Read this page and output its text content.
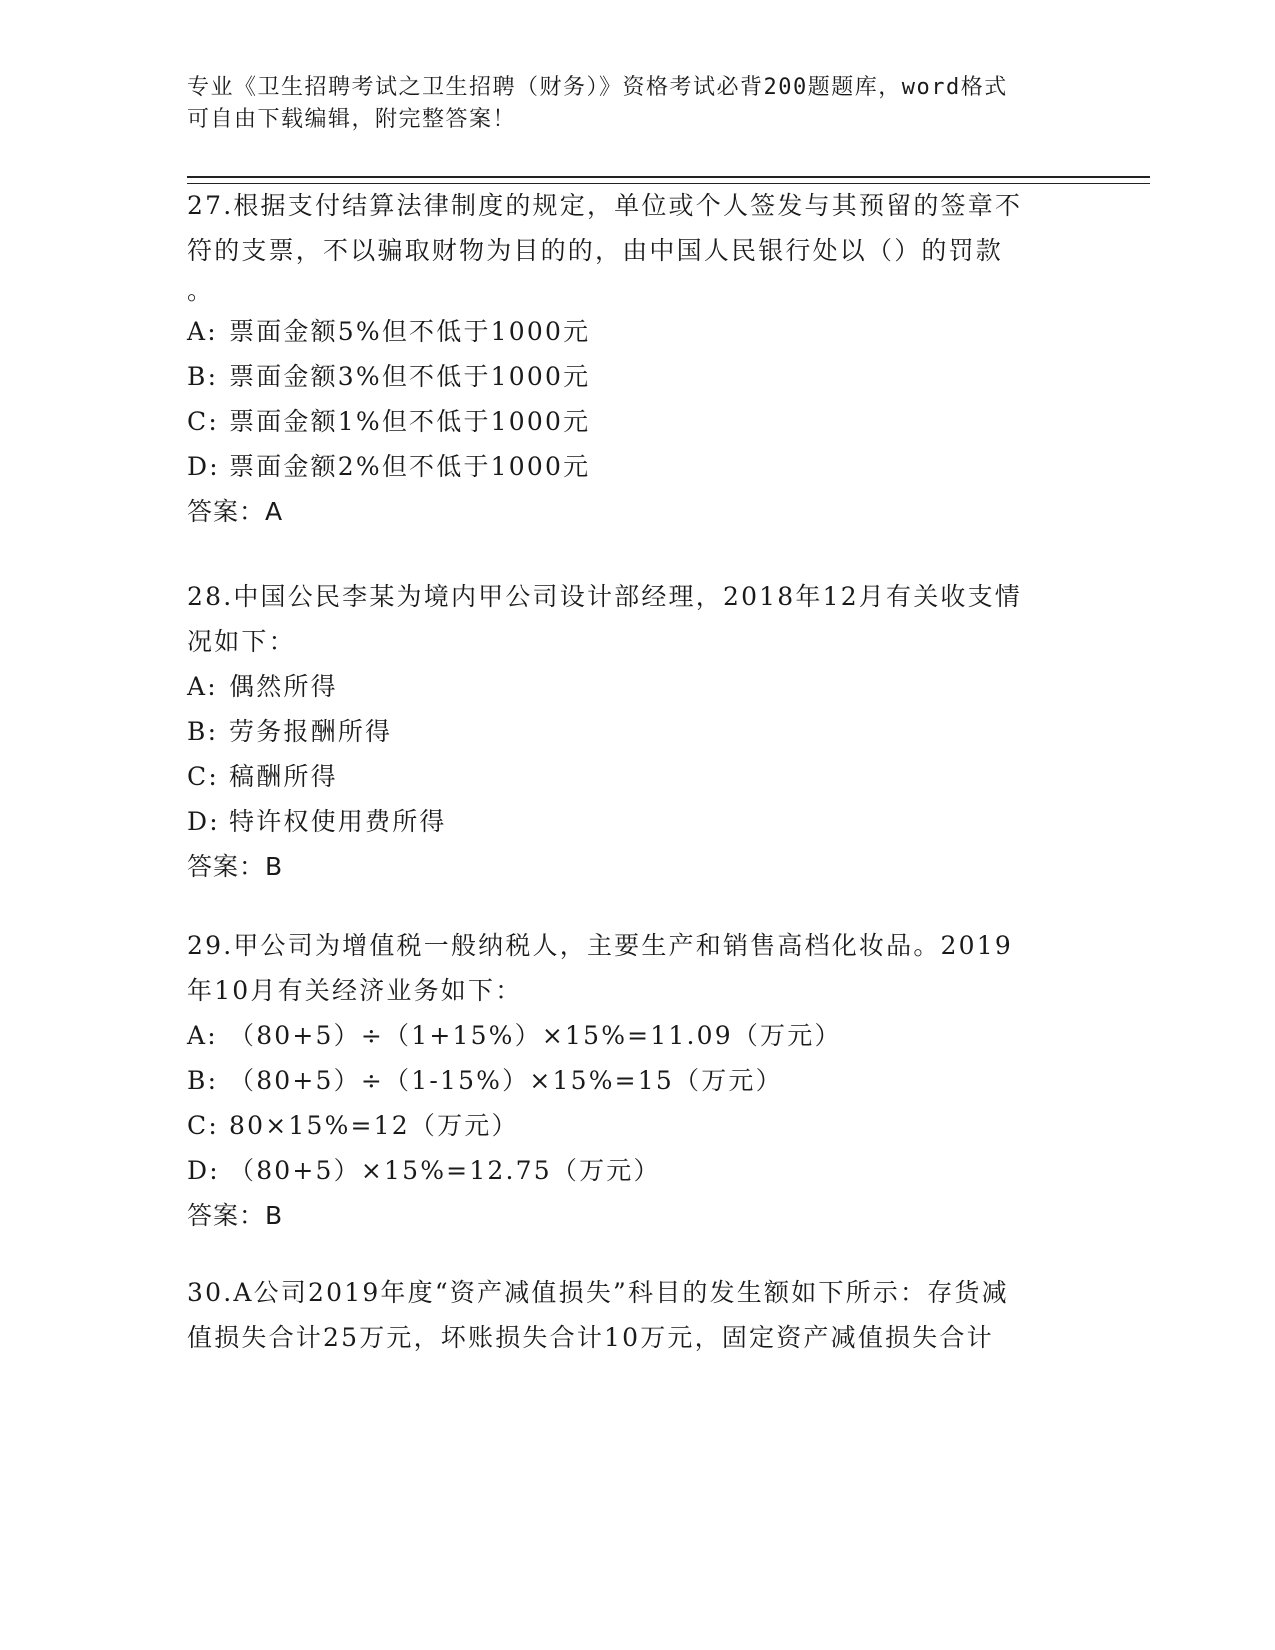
专业《卫生招聘考试之卫生招聘（财务）》资格考试必背200题题库，word格式
可自由下载编辑，附完整答案！
27.根据支付结算法律制度的规定，单位或个人签发与其预留的签章不
符的支票，不以骗取财物为目的的，由中国人民银行处以（）的罚款
。
A: 票面金额5%但不低于1000元
B: 票面金额3%但不低于1000元
C: 票面金额1%但不低于1000元
D: 票面金额2%但不低于1000元
答案：A
28.中国公民李某为境内甲公司设计部经理，2018年12月有关收支情
况如下：
A: 偶然所得
B: 劳务报酬所得
C: 稿酬所得
D: 特许权使用费所得
答案：B
29.甲公司为增值税一般纳税人，主要生产和销售高档化妆品。2019
年10月有关经济业务如下：
A: （80+5）÷（1+15%）×15%=11.09（万元）
B: （80+5）÷（1-15%）×15%=15（万元）
C: 80×15%=12（万元）
D: （80+5）×15%=12.75（万元）
答案：B
30.A公司2019年度“资产减值损失”科目的发生额如下所示：存货减
值损失合计25万元，坏账损失合计10万元，固定资产减值损失合计
